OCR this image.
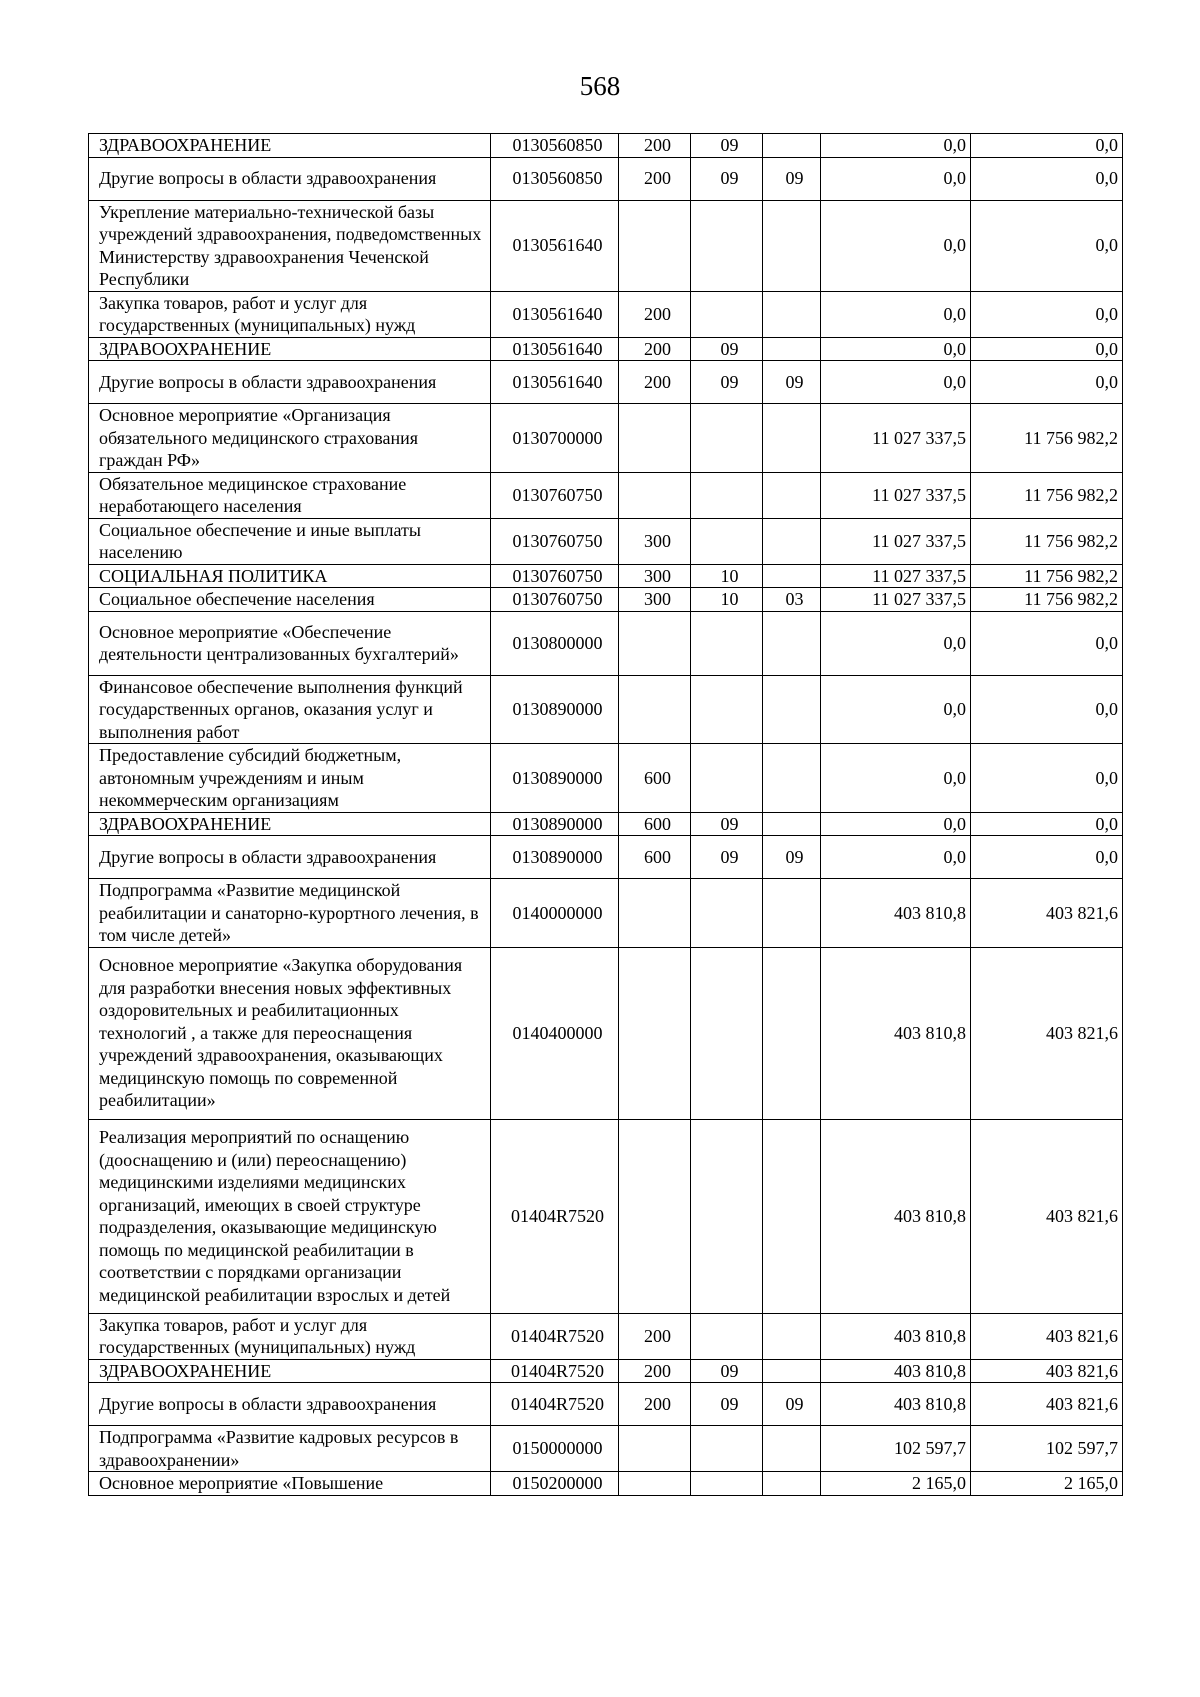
568
ЗДРАВООХРАНЕНИЕ	0130560850	200	09		0,0	0,0
Другие вопросы в области здравоохранения	0130560850	200	09	09	0,0	0,0
Укрепление материально-технической базы учреждений здравоохранения, подведомственных Министерству здравоохранения Чеченской Республики	0130561640				0,0	0,0
Закупка товаров, работ и услуг для государственных (муниципальных) нужд	0130561640	200			0,0	0,0
ЗДРАВООХРАНЕНИЕ	0130561640	200	09		0,0	0,0
Другие вопросы в области здравоохранения	0130561640	200	09	09	0,0	0,0
Основное мероприятие «Организация обязательного медицинского страхования граждан РФ»	0130700000				11 027 337,5	11 756 982,2
Обязательное медицинское страхование неработающего населения	0130760750				11 027 337,5	11 756 982,2
Социальное обеспечение и иные выплаты населению	0130760750	300			11 027 337,5	11 756 982,2
СОЦИАЛЬНАЯ ПОЛИТИКА	0130760750	300	10		11 027 337,5	11 756 982,2
Социальное обеспечение населения	0130760750	300	10	03	11 027 337,5	11 756 982,2
Основное мероприятие «Обеспечение деятельности централизованных бухгалтерий»	0130800000				0,0	0,0
Финансовое обеспечение выполнения функций государственных органов, оказания услуг и выполнения работ	0130890000				0,0	0,0
Предоставление субсидий бюджетным, автономным учреждениям и иным некоммерческим организациям	0130890000	600			0,0	0,0
ЗДРАВООХРАНЕНИЕ	0130890000	600	09		0,0	0,0
Другие вопросы в области здравоохранения	0130890000	600	09	09	0,0	0,0
Подпрограмма «Развитие медицинской реабилитации и санаторно-курортного лечения, в том числе детей»	0140000000				403 810,8	403 821,6
Основное мероприятие «Закупка оборудования для разработки внесения новых эффективных оздоровительных и реабилитационных технологий , а также для переоснащения учреждений здравоохранения, оказывающих медицинскую помощь по современной реабилитации»	0140400000				403 810,8	403 821,6
Реализация мероприятий по оснащению (дооснащению и (или) переоснащению) медицинскими изделиями медицинских организаций, имеющих в своей структуре подразделения, оказывающие медицинскую помощь по медицинской реабилитации в соответствии с порядками организации медицинской реабилитации взрослых и детей	01404R7520				403 810,8	403 821,6
Закупка товаров, работ и услуг для государственных (муниципальных) нужд	01404R7520	200			403 810,8	403 821,6
ЗДРАВООХРАНЕНИЕ	01404R7520	200	09		403 810,8	403 821,6
Другие вопросы в области здравоохранения	01404R7520	200	09	09	403 810,8	403 821,6
Подпрограмма «Развитие кадровых ресурсов в здравоохранении»	0150000000				102 597,7	102 597,7
Основное мероприятие «Повышение	0150200000				2 165,0	2 165,0
